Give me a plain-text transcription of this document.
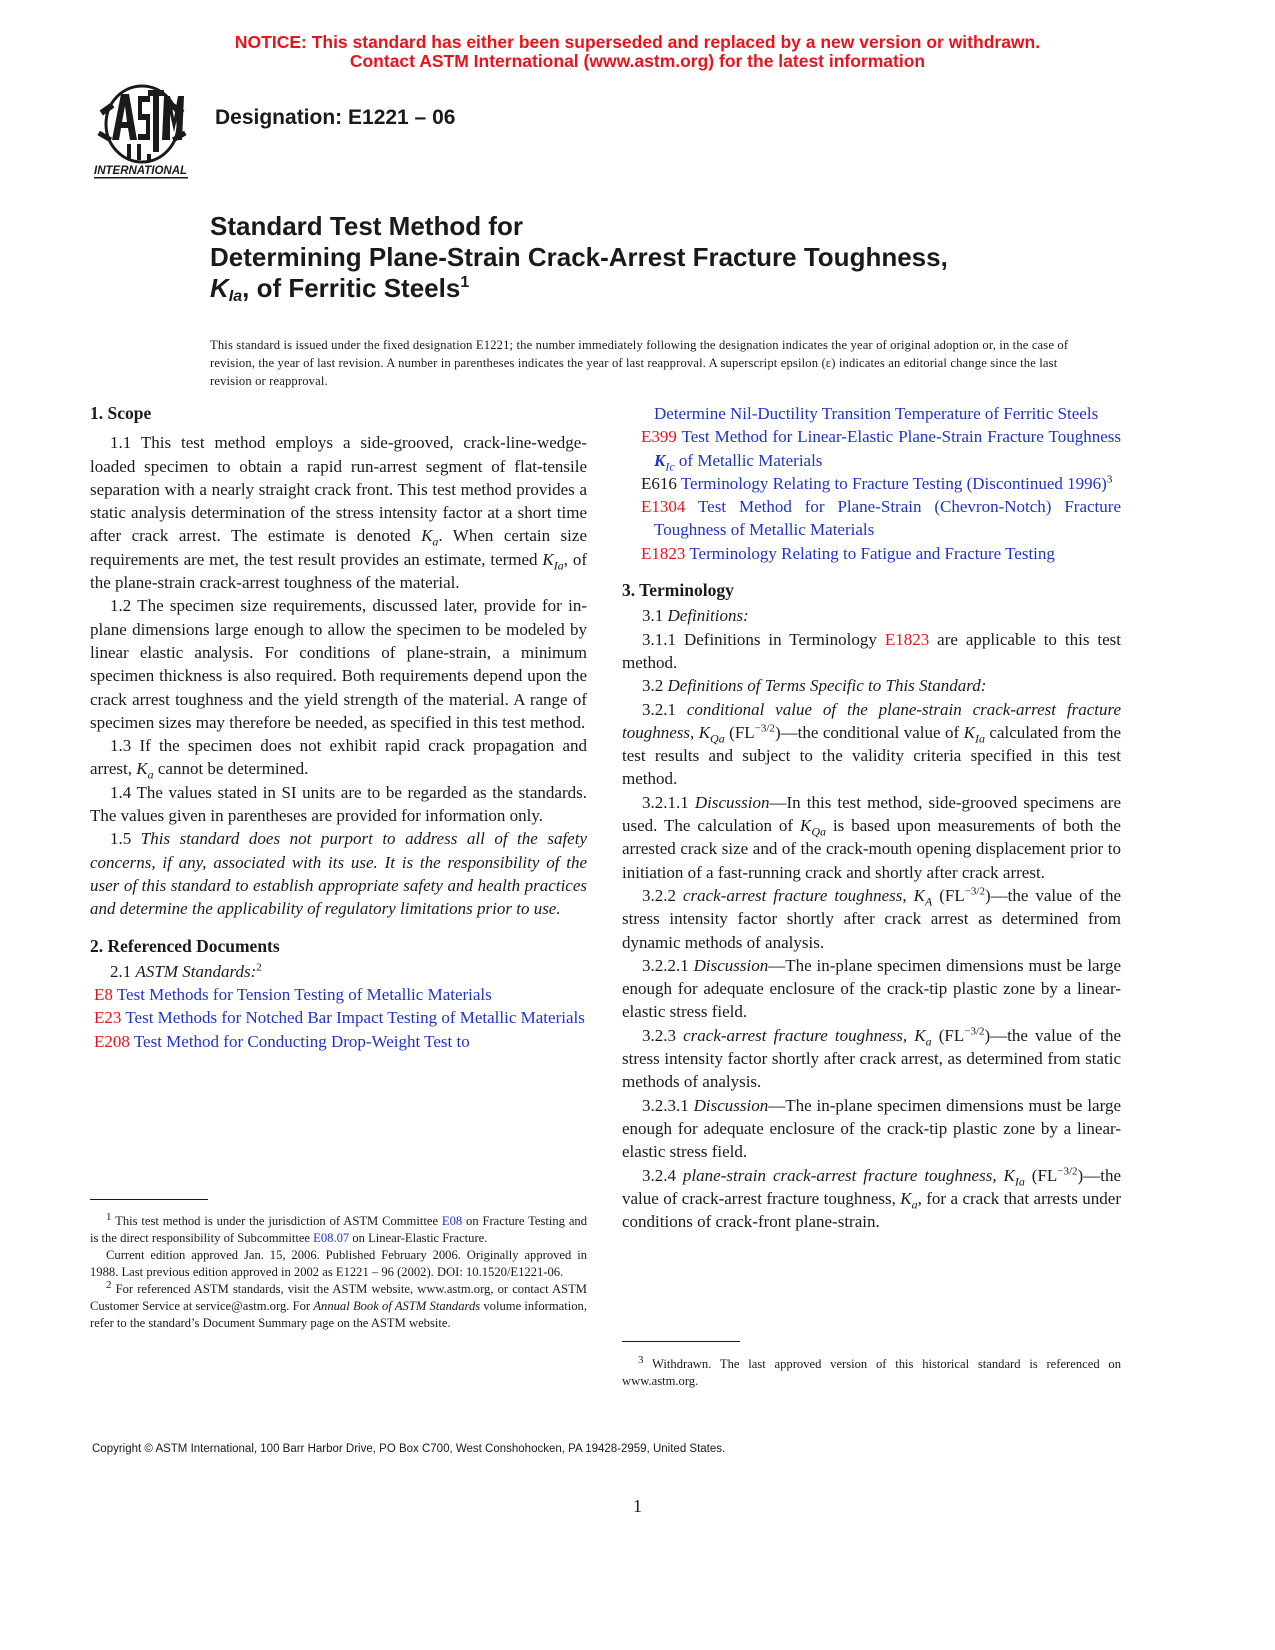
NOTICE: This standard has either been superseded and replaced by a new version or withdrawn.
Contact ASTM International (www.astm.org) for the latest information
INTERNATIONAL
Designation: E1221 – 06
Standard Test Method for
Determining Plane-Strain Crack-Arrest Fracture Toughness,
$K_{Ia}$, of Ferritic Steels$^1$
This standard is issued under the fixed designation E1221; the number immediately following the designation indicates the year of original adoption or, in the case of revision, the year of last revision. A number in parentheses indicates the year of last reapproval. A superscript epsilon (ε) indicates an editorial change since the last revision or reapproval.
1. Scope

1.1 This test method employs a side-grooved, crack-line-wedge-loaded specimen to obtain a rapid run-arrest segment of flat-tensile separation with a nearly straight crack front. This test method provides a static analysis determination of the stress intensity factor at a short time after crack arrest. The estimate is denoted $K_a$. When certain size requirements are met, the test result provides an estimate, termed $K_{Ia}$, of the plane-strain crack-arrest toughness of the material.

1.2 The specimen size requirements, discussed later, provide for in-plane dimensions large enough to allow the specimen to be modeled by linear elastic analysis. For conditions of plane-strain, a minimum specimen thickness is also required. Both requirements depend upon the crack arrest toughness and the yield strength of the material. A range of specimen sizes may therefore be needed, as specified in this test method.

1.3 If the specimen does not exhibit rapid crack propagation and arrest, $K_a$ cannot be determined.

1.4 The values stated in SI units are to be regarded as the standards. The values given in parentheses are provided for information only.

1.5 This standard does not purport to address all of the safety concerns, if any, associated with its use. It is the responsibility of the user of this standard to establish appropriate safety and health practices and determine the applicability of regulatory limitations prior to use.

2. Referenced Documents

2.1 ASTM Standards:$^2$

E8 Test Methods for Tension Testing of Metallic Materials

E23 Test Methods for Notched Bar Impact Testing of Metallic Materials

E208 Test Method for Conducting Drop-Weight Test to

$^1$ This test method is under the jurisdiction of ASTM Committee E08 on Fracture Testing and is the direct responsibility of Subcommittee E08.07 on Linear-Elastic Fracture.

Current edition approved Jan. 15, 2006. Published February 2006. Originally approved in 1988. Last previous edition approved in 2002 as E1221 – 96 (2002). DOI: 10.1520/E1221-06.

$^2$ For referenced ASTM standards, visit the ASTM website, www.astm.org, or contact ASTM Customer Service at service@astm.org. For Annual Book of ASTM Standards volume information, refer to the standard’s Document Summary page on the ASTM website.

Determine Nil-Ductility Transition Temperature of Ferritic Steels

E399 Test Method for Linear-Elastic Plane-Strain Fracture Toughness $K_{Ic}$ of Metallic Materials

E616 Terminology Relating to Fracture Testing (Discontinued 1996)$^3$

E1304 Test Method for Plane-Strain (Chevron-Notch) Fracture Toughness of Metallic Materials

E1823 Terminology Relating to Fatigue and Fracture Testing

3. Terminology

3.1 Definitions:

3.1.1 Definitions in Terminology E1823 are applicable to this test method.

3.2 Definitions of Terms Specific to This Standard:

3.2.1 conditional value of the plane-strain crack-arrest fracture toughness, $K_{Qa}$ $(FL^{-3/2})—the$ conditional value of $K_{Ia}$ calculated from the test results and subject to the validity criteria specified in this test method.

3.2.1.1 Discussion—In this test method, side-grooved specimens are used. The calculation of $K_{Qa}$ is based upon measurements of both the arrested crack size and of the crack-mouth opening displacement prior to initiation of a fast-running crack and shortly after crack arrest.

3.2.2 crack-arrest fracture toughness, $K_A$ $(FL^{-3/2})—the$ value of the stress intensity factor shortly after crack arrest as determined from dynamic methods of analysis.

3.2.2.1 Discussion—The in-plane specimen dimensions must be large enough for adequate enclosure of the crack-tip plastic zone by a linear-elastic stress field.

3.2.3 crack-arrest fracture toughness, $K_a$ $(FL^{-3/2})—the$ value of the stress intensity factor shortly after crack arrest, as determined from static methods of analysis.

3.2.3.1 Discussion—The in-plane specimen dimensions must be large enough for adequate enclosure of the crack-tip plastic zone by a linear-elastic stress field.

3.2.4 plane-strain crack-arrest fracture toughness, $K_{Ia}$ $(FL^{-3/2})—the$ value of crack-arrest fracture toughness, $K_a$, for a crack that arrests under conditions of crack-front plane-strain.

$^3$ Withdrawn. The last approved version of this historical standard is referenced on www.astm.org.

Copyright © ASTM International, 100 Barr Harbor Drive, PO Box C700, West Conshohocken, PA 19428-2959, United States.
1
